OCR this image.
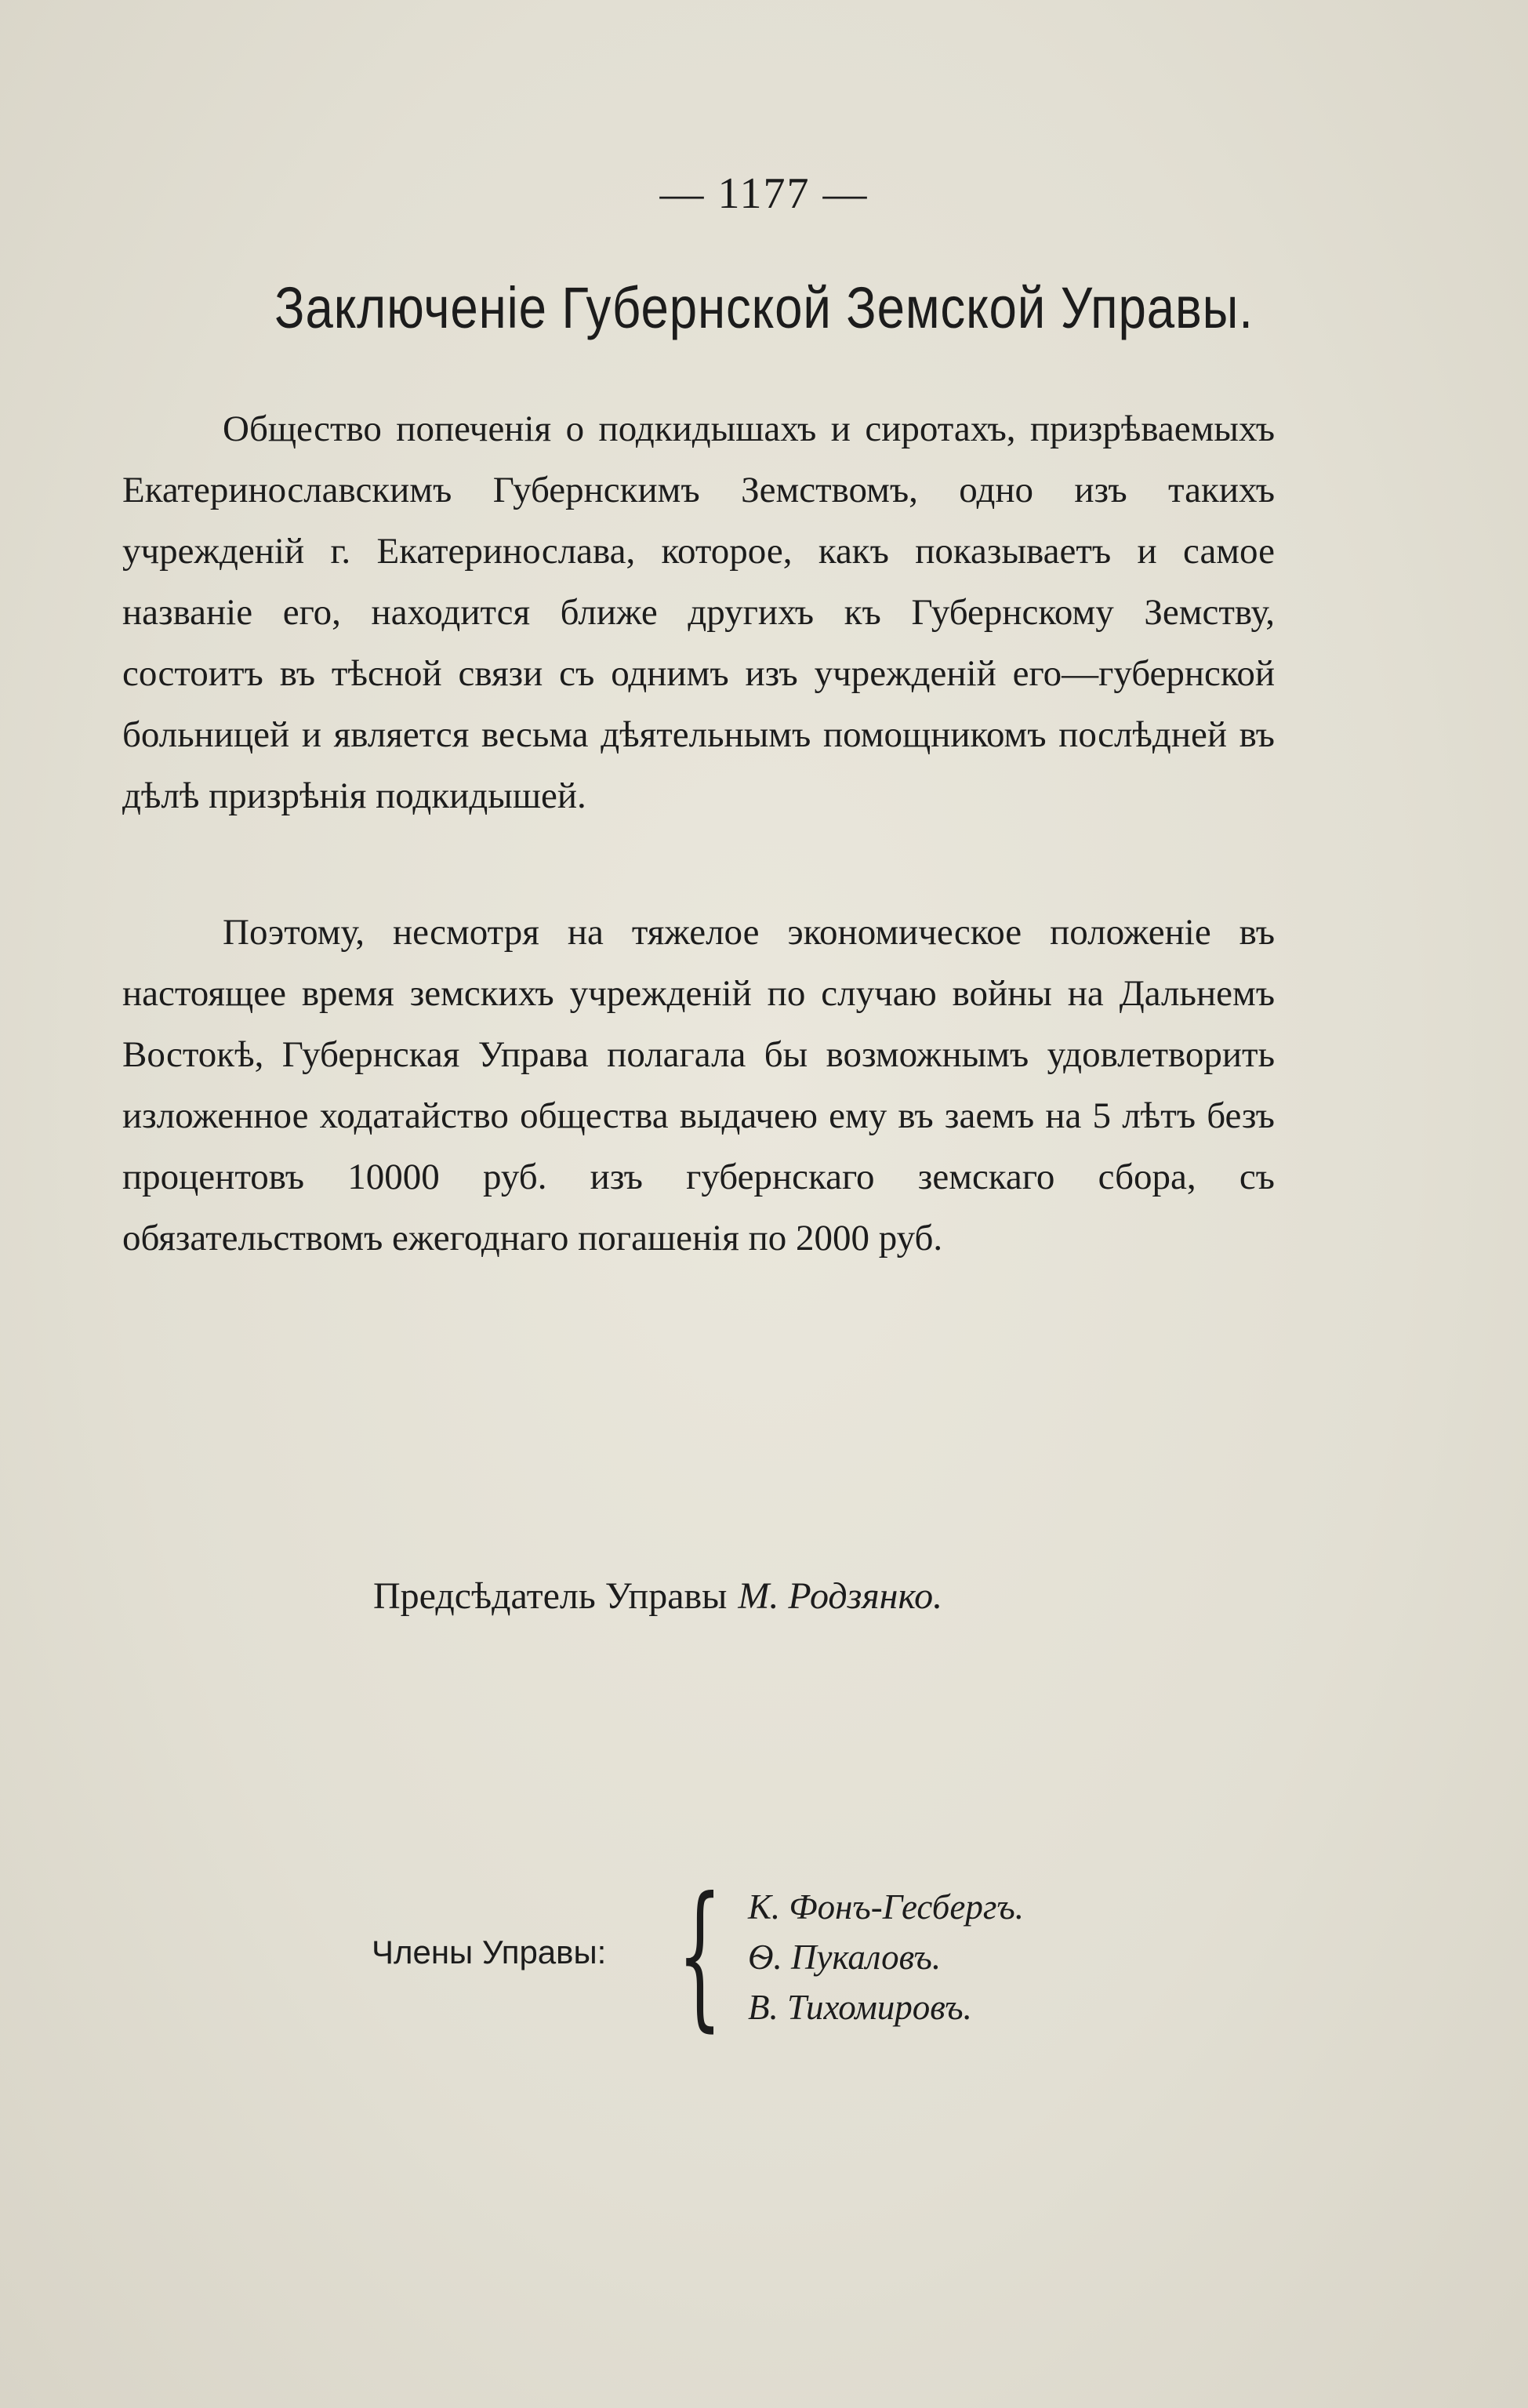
— 1177 —
Заключенiе Губернской Земской Управы.

Общество попеченiя о подкидышахъ и сиротахъ, призрѣваемыхъ Екатеринославскимъ Губернскимъ Земствомъ, одно изъ такихъ учрежденiй г. Екатеринослава, которое, какъ показываетъ и самое названiе его, находится ближе другихъ къ Губернскому Земству, состоитъ въ тѣсной связи съ однимъ изъ учрежденiй его—губернской больницей и является весьма дѣятельнымъ помощникомъ послѣдней въ дѣлѣ призрѣнiя подкидышей.

Поэтому, несмотря на тяжелое экономическое положенiе въ настоящее время земскихъ учрежденiй по случаю войны на Дальнемъ Востокѣ, Губернская Управа полагала бы возможнымъ удовлетворить изложенное ходатайство общества выдачею ему въ заемъ на 5 лѣтъ безъ процентовъ 10000 руб. изъ губернскаго земскаго сбора, съ обязательствомъ ежегоднаго погашенiя по 2000 руб.

Предсѣдатель Управы М. Родзянко.
Члены Управы: { К. Фонъ-Гесбергъ.
Ѳ. Пукаловъ.
В. Тихомировъ.
